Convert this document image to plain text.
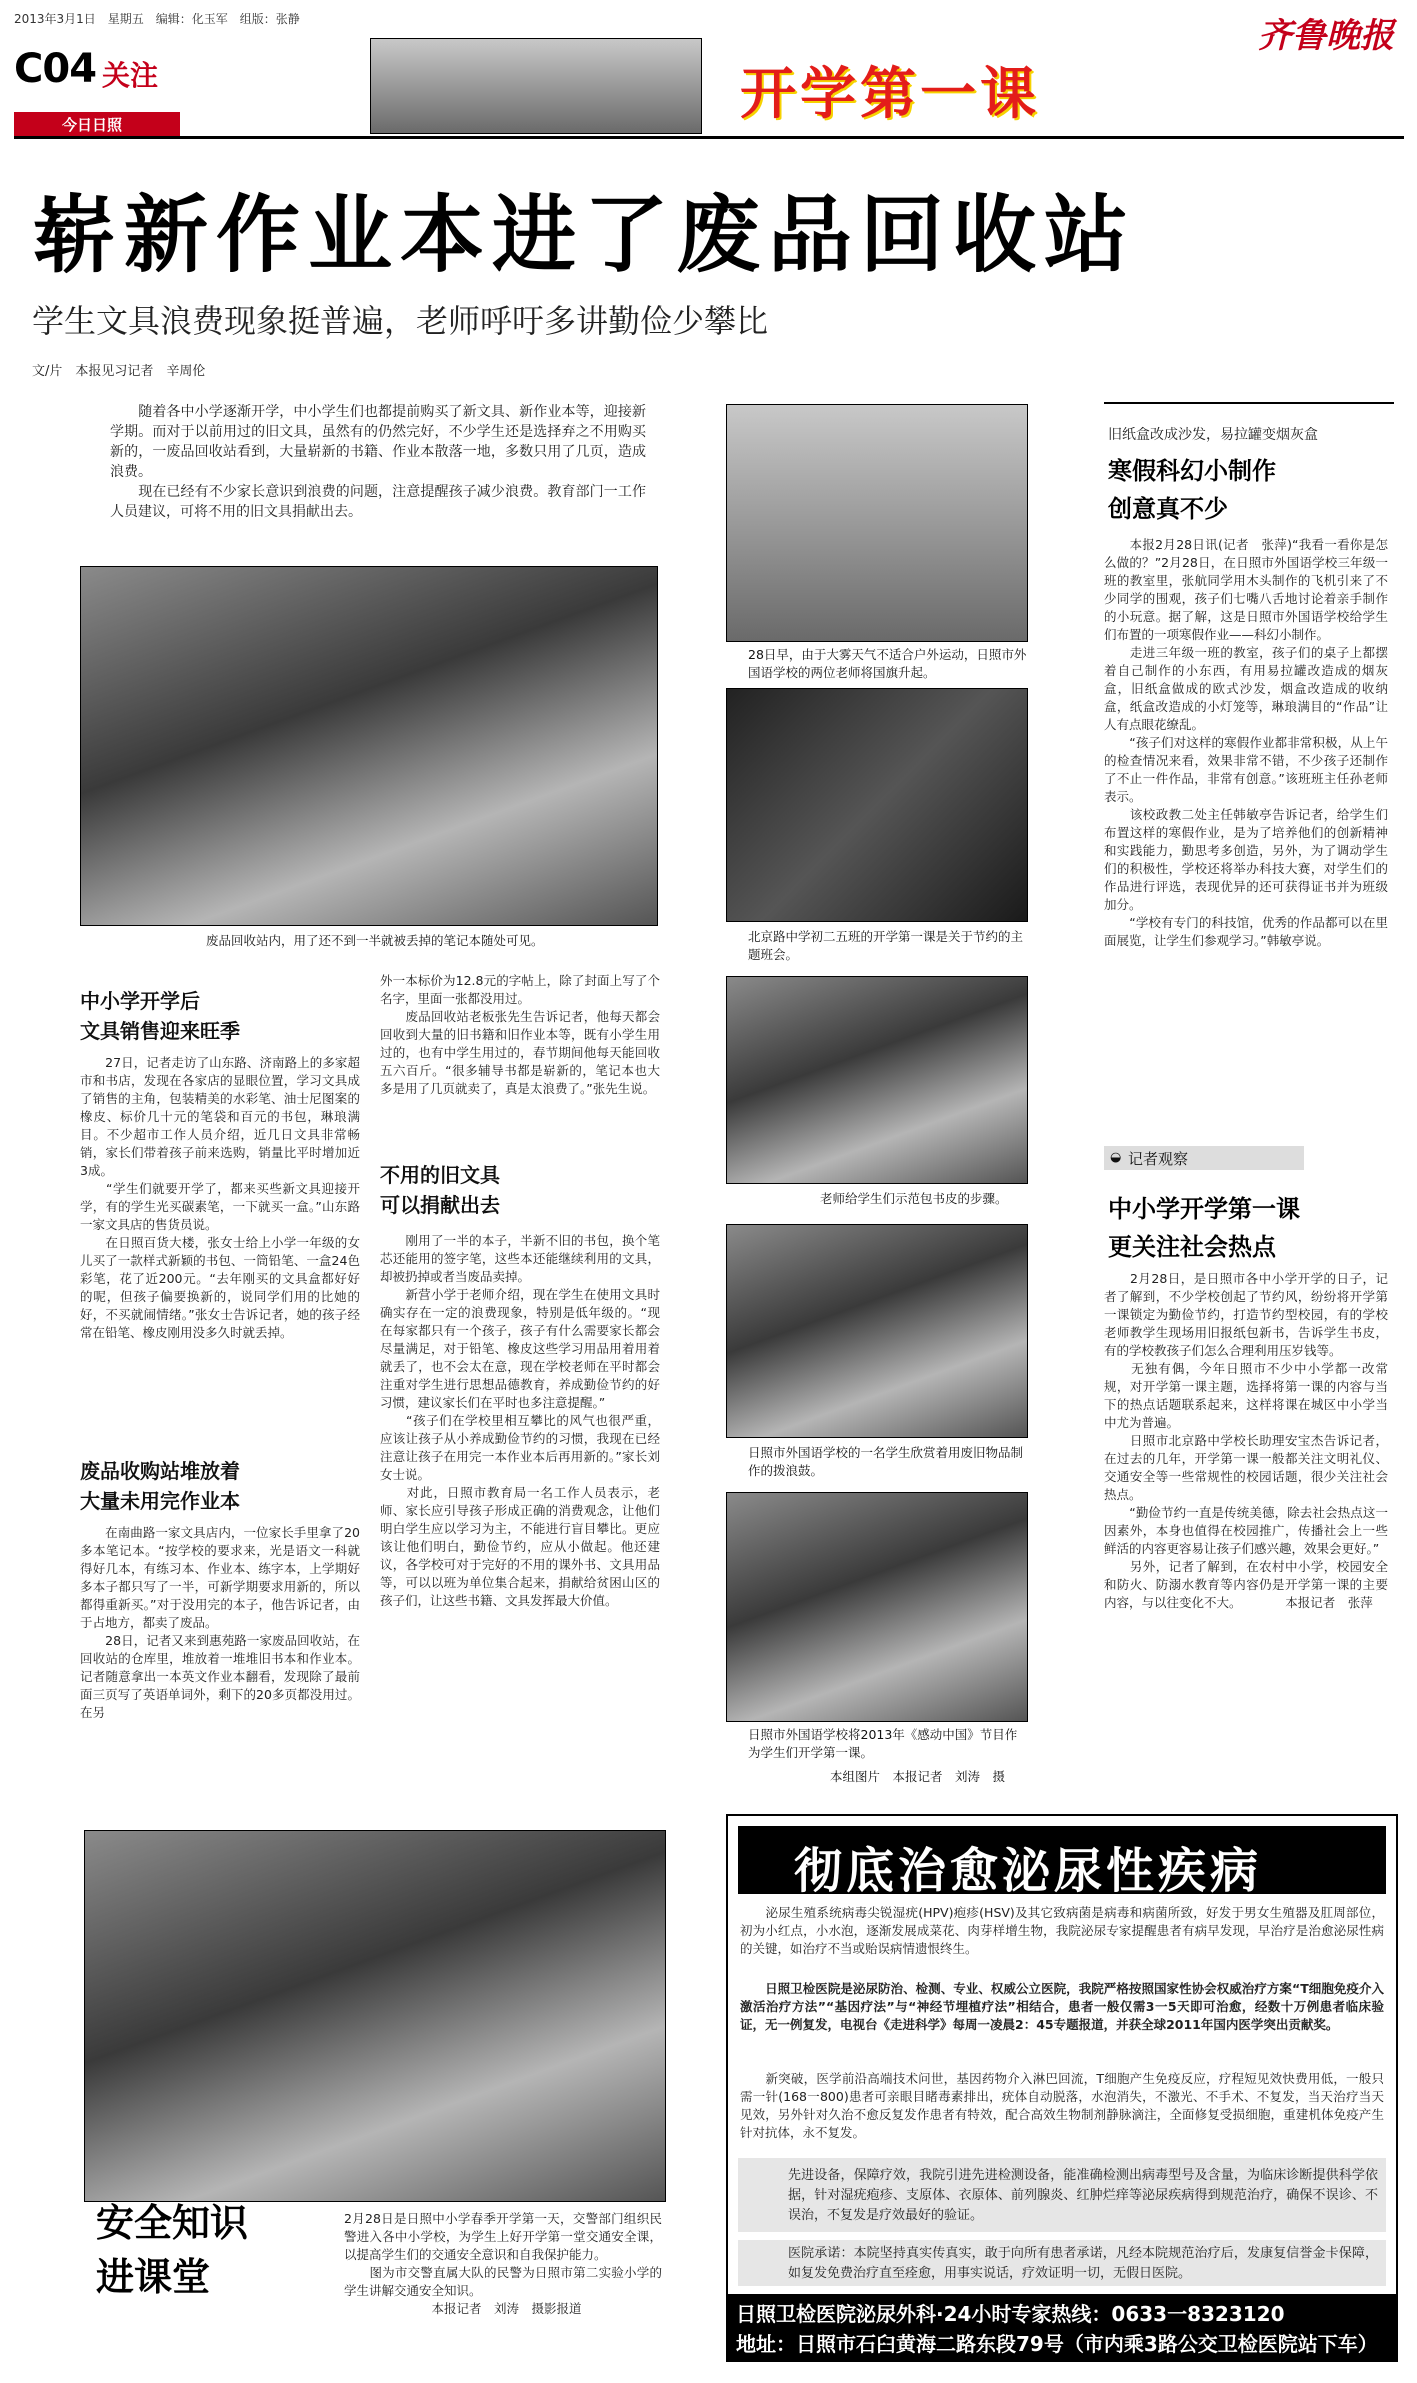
2013年3月1日　星期五　编辑：化玉军　组版：张静
C04 关注
今日日照	开学第一课
齐鲁晚报
崭新作业本进了废品回收站
学生文具浪费现象挺普遍，老师呼吁多讲勤俭少攀比
文/片　本报见习记者　辛周伦
　　随着各中小学逐渐开学，中小学生们也都提前购买了新文具、新作业本等，迎接新学期。而对于以前用过的旧文具，虽然有的仍然完好，不少学生还是选择弃之不用购买新的，一废品回收站看到，大量崭新的书籍、作业本散落一地，多数只用了几页，造成浪费。
　　现在已经有不少家长意识到浪费的问题，注意提醒孩子减少浪费。教育部门一工作人员建议，可将不用的旧文具捐献出去。
废品回收站内，用了还不到一半就被丢掉的笔记本随处可见。
中小学开学后
文具销售迎来旺季
　　27日，记者走访了山东路、济南路上的多家超市和书店，发现在各家店的显眼位置，学习文具成了销售的主角，包装精美的水彩笔、油士尼图案的橡皮、标价几十元的笔袋和百元的书包，琳琅满目。不少超市工作人员介绍，近几日文具非常畅销，家长们带着孩子前来选购，销量比平时增加近3成。
　　“学生们就要开学了，都来买些新文具迎接开学，有的学生光买碳素笔，一下就买一盒。”山东路一家文具店的售货员说。
　　在日照百货大楼，张女士给上小学一年级的女儿买了一款样式新颖的书包、一筒铅笔、一盒24色彩笔，花了近200元。“去年刚买的文具盒都好好的呢，但孩子偏要换新的，说同学们用的比她的好，不买就闹情绪。”张女士告诉记者，她的孩子经常在铅笔、橡皮刚用没多久时就丢掉。
废品收购站堆放着
大量未用完作业本
　　在南曲路一家文具店内，一位家长手里拿了20多本笔记本。“按学校的要求来，光是语文一科就得好几本，有练习本、作业本、练字本，上学期好多本子都只写了一半，可新学期要求用新的，所以都得重新买。”对于没用完的本子，他告诉记者，由于占地方，都卖了废品。
　　28日，记者又来到惠苑路一家废品回收站，在回收站的仓库里，堆放着一堆堆旧书本和作业本。记者随意拿出一本英文作业本翻看，发现除了最前面三页写了英语单词外，剩下的20多页都没用过。在另
外一本标价为12.8元的字帖上，除了封面上写了个名字，里面一张都没用过。
　　废品回收站老板张先生告诉记者，他每天都会回收到大量的旧书籍和旧作业本等，既有小学生用过的，也有中学生用过的，春节期间他每天能回收五六百斤。“很多辅导书都是崭新的，笔记本也大多是用了几页就卖了，真是太浪费了。”张先生说。
不用的旧文具
可以捐献出去
　　刚用了一半的本子，半新不旧的书包，换个笔芯还能用的签字笔，这些本还能继续利用的文具，却被扔掉或者当废品卖掉。
　　新营小学于老师介绍，现在学生在使用文具时确实存在一定的浪费现象，特别是低年级的。“现在每家都只有一个孩子，孩子有什么需要家长都会尽量满足，对于铅笔、橡皮这些学习用品用着用着就丢了，也不会太在意，现在学校老师在平时都会注重对学生进行思想品德教育，养成勤俭节约的好习惯，建议家长们在平时也多注意提醒。”
　　“孩子们在学校里相互攀比的风气也很严重，应该让孩子从小养成勤俭节约的习惯，我现在已经注意让孩子在用完一本作业本后再用新的。”家长刘女士说。
　　对此，日照市教育局一名工作人员表示，老师、家长应引导孩子形成正确的消费观念，让他们明白学生应以学习为主，不能进行盲目攀比。更应该让他们明白，勤俭节约，应从小做起。他还建议，各学校可对于完好的不用的课外书、文具用品等，可以以班为单位集合起来，捐献给贫困山区的孩子们，让这些书籍、文具发挥最大价值。
安全知识
进课堂
2月28日是日照中小学春季开学第一天，交警部门组织民警进入各中小学校，为学生上好开学第一堂交通安全课，以提高学生们的交通安全意识和自我保护能力。
　　图为市交警直属大队的民警为日照市第二实验小学的学生讲解交通安全知识。
　　　　　　　本报记者　刘涛　摄影报道
28日早，由于大雾天气不适合户外运动，日照市外国语学校的两位老师将国旗升起。
北京路中学初二五班的开学第一课是关于节约的主题班会。
老师给学生们示范包书皮的步骤。
日照市外国语学校的一名学生欣赏着用废旧物品制作的拨浪鼓。
日照市外国语学校将2013年《感动中国》节目作为学生们开学第一课。
本组图片　本报记者　刘涛　摄
旧纸盒改成沙发，易拉罐变烟灰盒
寒假科幻小制作
创意真不少
　　本报2月28日讯(记者　张萍)“我看一看你是怎么做的？”2月28日，在日照市外国语学校三年级一班的教室里，张航同学用木头制作的飞机引来了不少同学的围观，孩子们七嘴八舌地讨论着亲手制作的小玩意。据了解，这是日照市外国语学校给学生们布置的一项寒假作业——科幻小制作。
　　走进三年级一班的教室，孩子们的桌子上都摆着自己制作的小东西，有用易拉罐改造成的烟灰盒，旧纸盒做成的欧式沙发，烟盒改造成的收纳盒，纸盒改造成的小灯笼等，琳琅满目的“作品”让人有点眼花缭乱。
　　“孩子们对这样的寒假作业都非常积极，从上午的检查情况来看，效果非常不错，不少孩子还制作了不止一件作品，非常有创意。”该班班主任孙老师表示。
　　该校政教二处主任韩敏亭告诉记者，给学生们布置这样的寒假作业，是为了培养他们的创新精神和实践能力，勤思考多创造，另外，为了调动学生们的积极性，学校还将举办科技大赛，对学生们的作品进行评选，表现优异的还可获得证书并为班级加分。
　　“学校有专门的科技馆，优秀的作品都可以在里面展览，让学生们参观学习。”韩敏亭说。
◒ 记者观察
中小学开学第一课
更关注社会热点
　　2月28日，是日照市各中小学开学的日子，记者了解到，不少学校创起了节约风，纷纷将开学第一课锁定为勤俭节约，打造节约型校园，有的学校老师教学生现场用旧报纸包新书，告诉学生书皮，有的学校教孩子们怎么合理利用压岁钱等。
　　无独有偶，今年日照市不少中小学都一改常规，对开学第一课主题，选择将第一课的内容与当下的热点话题联系起来，这样将课在城区中小学当中尤为普遍。
　　日照市北京路中学校长助理安宝杰告诉记者，在过去的几年，开学第一课一般都关注文明礼仪、交通安全等一些常规性的校园话题，很少关注社会热点。
　　“勤俭节约一直是传统美德，除去社会热点这一因素外，本身也值得在校园推广，传播社会上一些鲜活的内容更容易让孩子们感兴趣，效果会更好。”
　　另外，记者了解到，在农村中小学，校园安全和防火、防溺水教育等内容仍是开学第一课的主要内容，与以往变化不大。　　　　本报记者　张萍
彻底治愈泌尿性疾病
　　泌尿生殖系统病毒尖锐湿疣(HPV)疱疹(HSV)及其它致病菌是病毒和病菌所致，好发于男女生殖器及肛周部位，初为小红点，小水泡，逐渐发展成菜花、肉芽样增生物，我院泌尿专家提醒患者有病早发现，早治疗是治愈泌尿性病的关键，如治疗不当或贻误病情遗恨终生。
　　日照卫检医院是泌尿防治、检测、专业、权威公立医院，我院严格按照国家性协会权威治疗方案“T细胞免疫介入激活治疗方法”“基因疗法”与“神经节埋植疗法”相结合，患者一般仅需3一5天即可治愈，经数十万例患者临床验证，无一例复发，电视台《走进科学》每周一凌晨2：45专题报道，并获全球2011年国内医学突出贡献奖。
　　新突破，医学前沿高端技术问世，基因药物介入淋巴回流，T细胞产生免疫反应，疗程短见效快费用低，一般只需一针(168一800)患者可亲眼目睹毒素排出，疣体自动脱落，水泡消失，不激光、不手术、不复发，当天治疗当天见效，另外针对久治不愈反复发作患者有特效，配合高效生物制剂静脉滴注，全面修复受损细胞，重建机体免疫产生针对抗体，永不复发。
先进设备，保障疗效，我院引进先进检测设备，能准确检测出病毒型号及含量，为临床诊断提供科学依据，针对湿疣疱疹、支原体、衣原体、前列腺炎、红肿烂痒等泌尿疾病得到规范治疗，确保不误诊、不误治，不复发是疗效最好的验证。
医院承诺：本院坚持真实传真实，敢于向所有患者承诺，凡经本院规范治疗后，发康复信誉金卡保障，如复发免费治疗直至痊愈，用事实说话，疗效证明一切，无假日医院。
日照卫检医院泌尿外科·24小时专家热线：0633一8323120
地址：日照市石臼黄海二路东段79号（市内乘3路公交卫检医院站下车）
